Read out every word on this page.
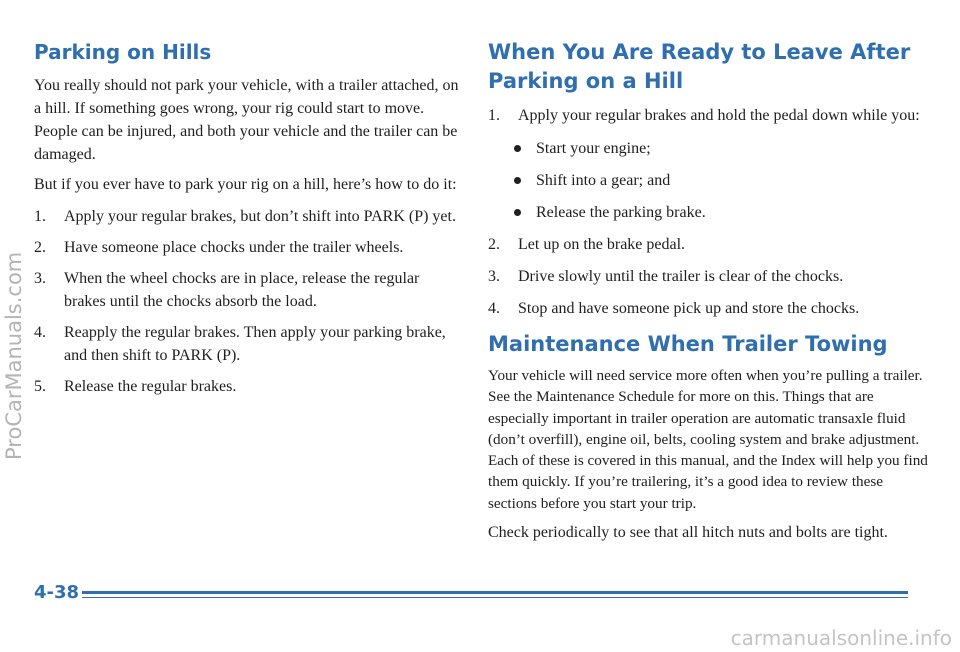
Parking on Hills

You really should not park your vehicle, with a trailer attached, on a hill. If something goes wrong, your rig could start to move. People can be injured, and both your vehicle and the trailer can be damaged.

But if you ever have to park your rig on a hill, here’s how to do it:

1. Apply your regular brakes, but don’t shift into PARK (P) yet.
2. Have someone place chocks under the trailer wheels.
3. When the wheel chocks are in place, release the regular brakes until the chocks absorb the load.
4. Reapply the regular brakes. Then apply your parking brake, and then shift to PARK (P).
5. Release the regular brakes.
When You Are Ready to Leave After Parking on a Hill
1. Apply your regular brakes and hold the pedal down while you:
Start your engine;
Shift into a gear; and
Release the parking brake.
2. Let up on the brake pedal.
3. Drive slowly until the trailer is clear of the chocks.
4. Stop and have someone pick up and store the chocks.
Maintenance When Trailer Towing

Your vehicle will need service more often when you’re pulling a trailer. See the Maintenance Schedule for more on this. Things that are especially important in trailer operation are automatic transaxle fluid (don’t overfill), engine oil, belts, cooling system and brake adjustment. Each of these is covered in this manual, and the Index will help you find them quickly. If you’re trailering, it’s a good idea to review these sections before you start your trip.

Check periodically to see that all hitch nuts and bolts are tight.

4-38
ProCarManuals.com
carmanualsonline.info
